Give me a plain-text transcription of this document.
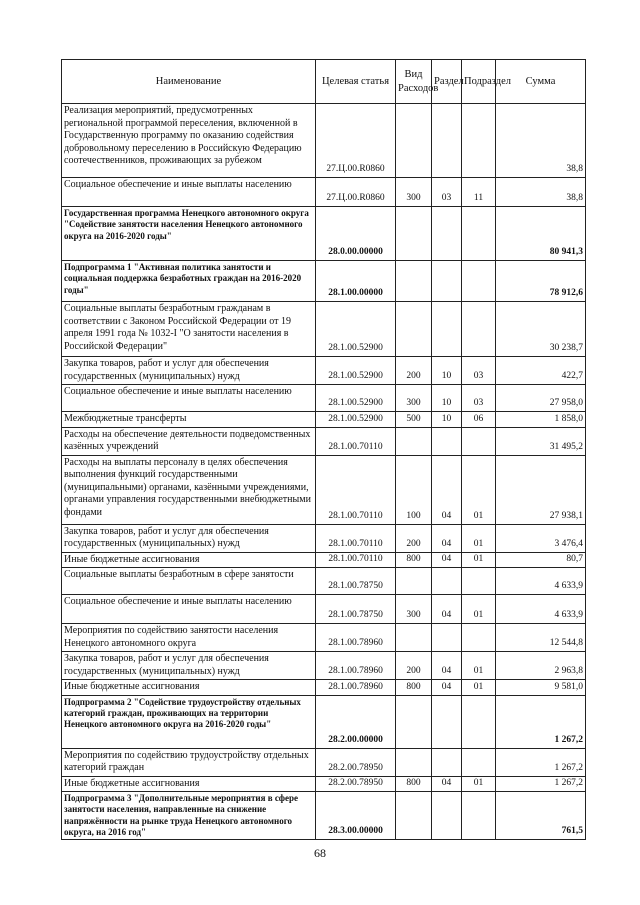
Наименование	Целевая статья	Вид Расходов	Раздел	Подраздел	Сумма
Реализация мероприятий, предусмотренных региональной программой переселения, включенной в Государственную программу по оказанию содействия добровольному переселению в Российскую Федерацию соотечественников, проживающих за рубежом	27.Ц.00.R0860				38,8
Социальное обеспечение и иные выплаты населению	27.Ц.00.R0860	300	03	11	38,8
Государственная программа Ненецкого автономного округа "Содействие занятости населения Ненецкого автономного округа на 2016-2020 годы"	28.0.00.00000				80 941,3
Подпрограмма 1 "Активная политика занятости и социальная поддержка безработных граждан на 2016-2020 годы"	28.1.00.00000				78 912,6
Социальные выплаты безработным гражданам в соответствии с Законом Российской Федерации от 19 апреля 1991 года № 1032-I "О занятости населения в Российской Федерации"	28.1.00.52900				30 238,7
Закупка товаров, работ и услуг для обеспечения государственных (муниципальных) нужд	28.1.00.52900	200	10	03	422,7
Социальное обеспечение и иные выплаты населению	28.1.00.52900	300	10	03	27 958,0
Межбюджетные трансферты	28.1.00.52900	500	10	06	1 858,0
Расходы на обеспечение деятельности подведомственных казённых учреждений	28.1.00.70110				31 495,2
Расходы на выплаты персоналу в целях обеспечения выполнения функций государственными (муниципальными) органами, казёнными учреждениями, органами управления государственными внебюджетными фондами	28.1.00.70110	100	04	01	27 938,1
Закупка товаров, работ и услуг для обеспечения государственных (муниципальных) нужд	28.1.00.70110	200	04	01	3 476,4
Иные бюджетные ассигнования	28.1.00.70110	800	04	01	80,7
Социальные выплаты безработным в сфере занятости	28.1.00.78750				4 633,9
Социальное обеспечение и иные выплаты населению	28.1.00.78750	300	04	01	4 633,9
Мероприятия по содействию занятости населения Ненецкого автономного округа	28.1.00.78960				12 544,8
Закупка товаров, работ и услуг для обеспечения государственных (муниципальных) нужд	28.1.00.78960	200	04	01	2 963,8
Иные бюджетные ассигнования	28.1.00.78960	800	04	01	9 581,0
Подпрограмма 2 "Содействие трудоустройству отдельных категорий граждан, проживающих на территории Ненецкого автономного округа на 2016-2020 годы"	28.2.00.00000				1 267,2
Мероприятия по содействию трудоустройству отдельных категорий граждан	28.2.00.78950				1 267,2
Иные бюджетные ассигнования	28.2.00.78950	800	04	01	1 267,2
Подпрограмма 3 "Дополнительные мероприятия в сфере занятости населения, направленные на снижение напряжённости на рынке труда Ненецкого автономного округа, на 2016 год"	28.3.00.00000				761,5
68
